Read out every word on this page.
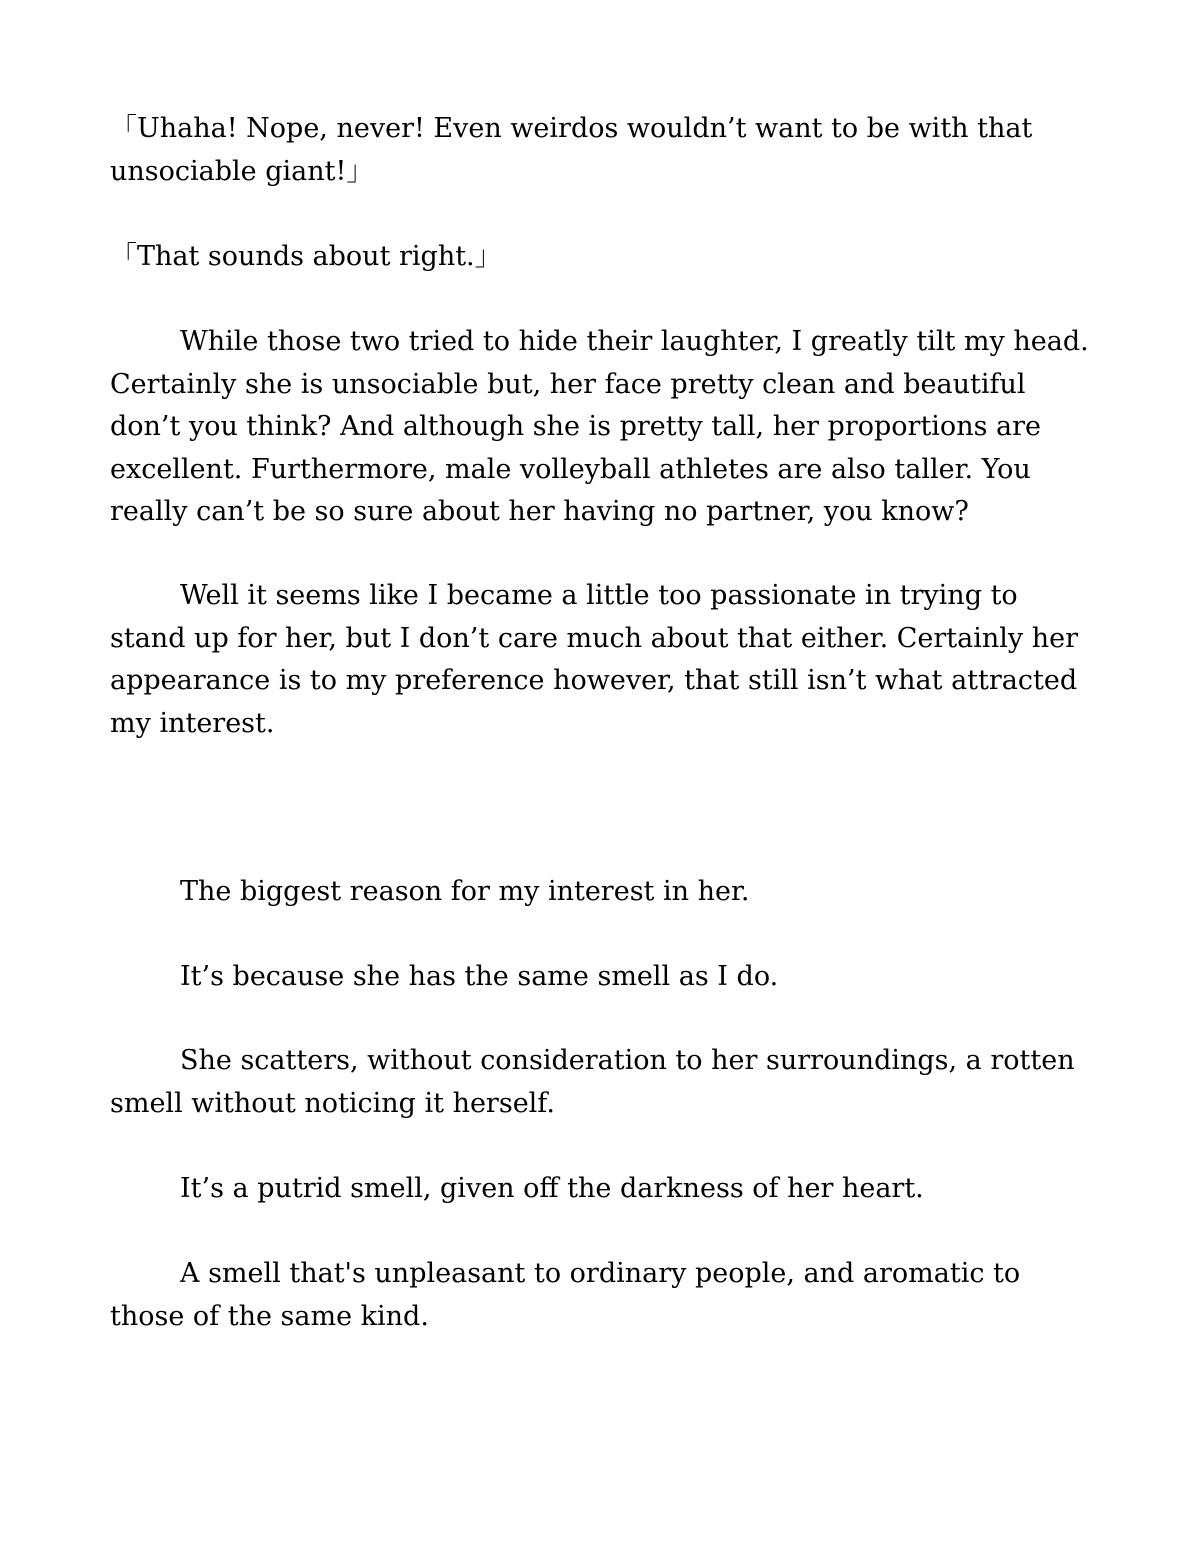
「Uhaha! Nope, never! Even weirdos wouldn’t want to be with that unsociable giant!」

「That sounds about right.」

While those two tried to hide their laughter, I greatly tilt my head. Certainly she is unsociable but, her face pretty clean and beautiful don’t you think? And although she is pretty tall, her proportions are excellent. Furthermore, male volleyball athletes are also taller. You really can’t be so sure about her having no partner, you know?

Well it seems like I became a little too passionate in trying to stand up for her, but I don’t care much about that either. Certainly her appearance is to my preference however, that still isn’t what attracted my interest.

The biggest reason for my interest in her.

It’s because she has the same smell as I do.

She scatters, without consideration to her surroundings, a rotten smell without noticing it herself.

It’s a putrid smell, given off the darkness of her heart.

A smell that's unpleasant to ordinary people, and aromatic to those of the same kind.
